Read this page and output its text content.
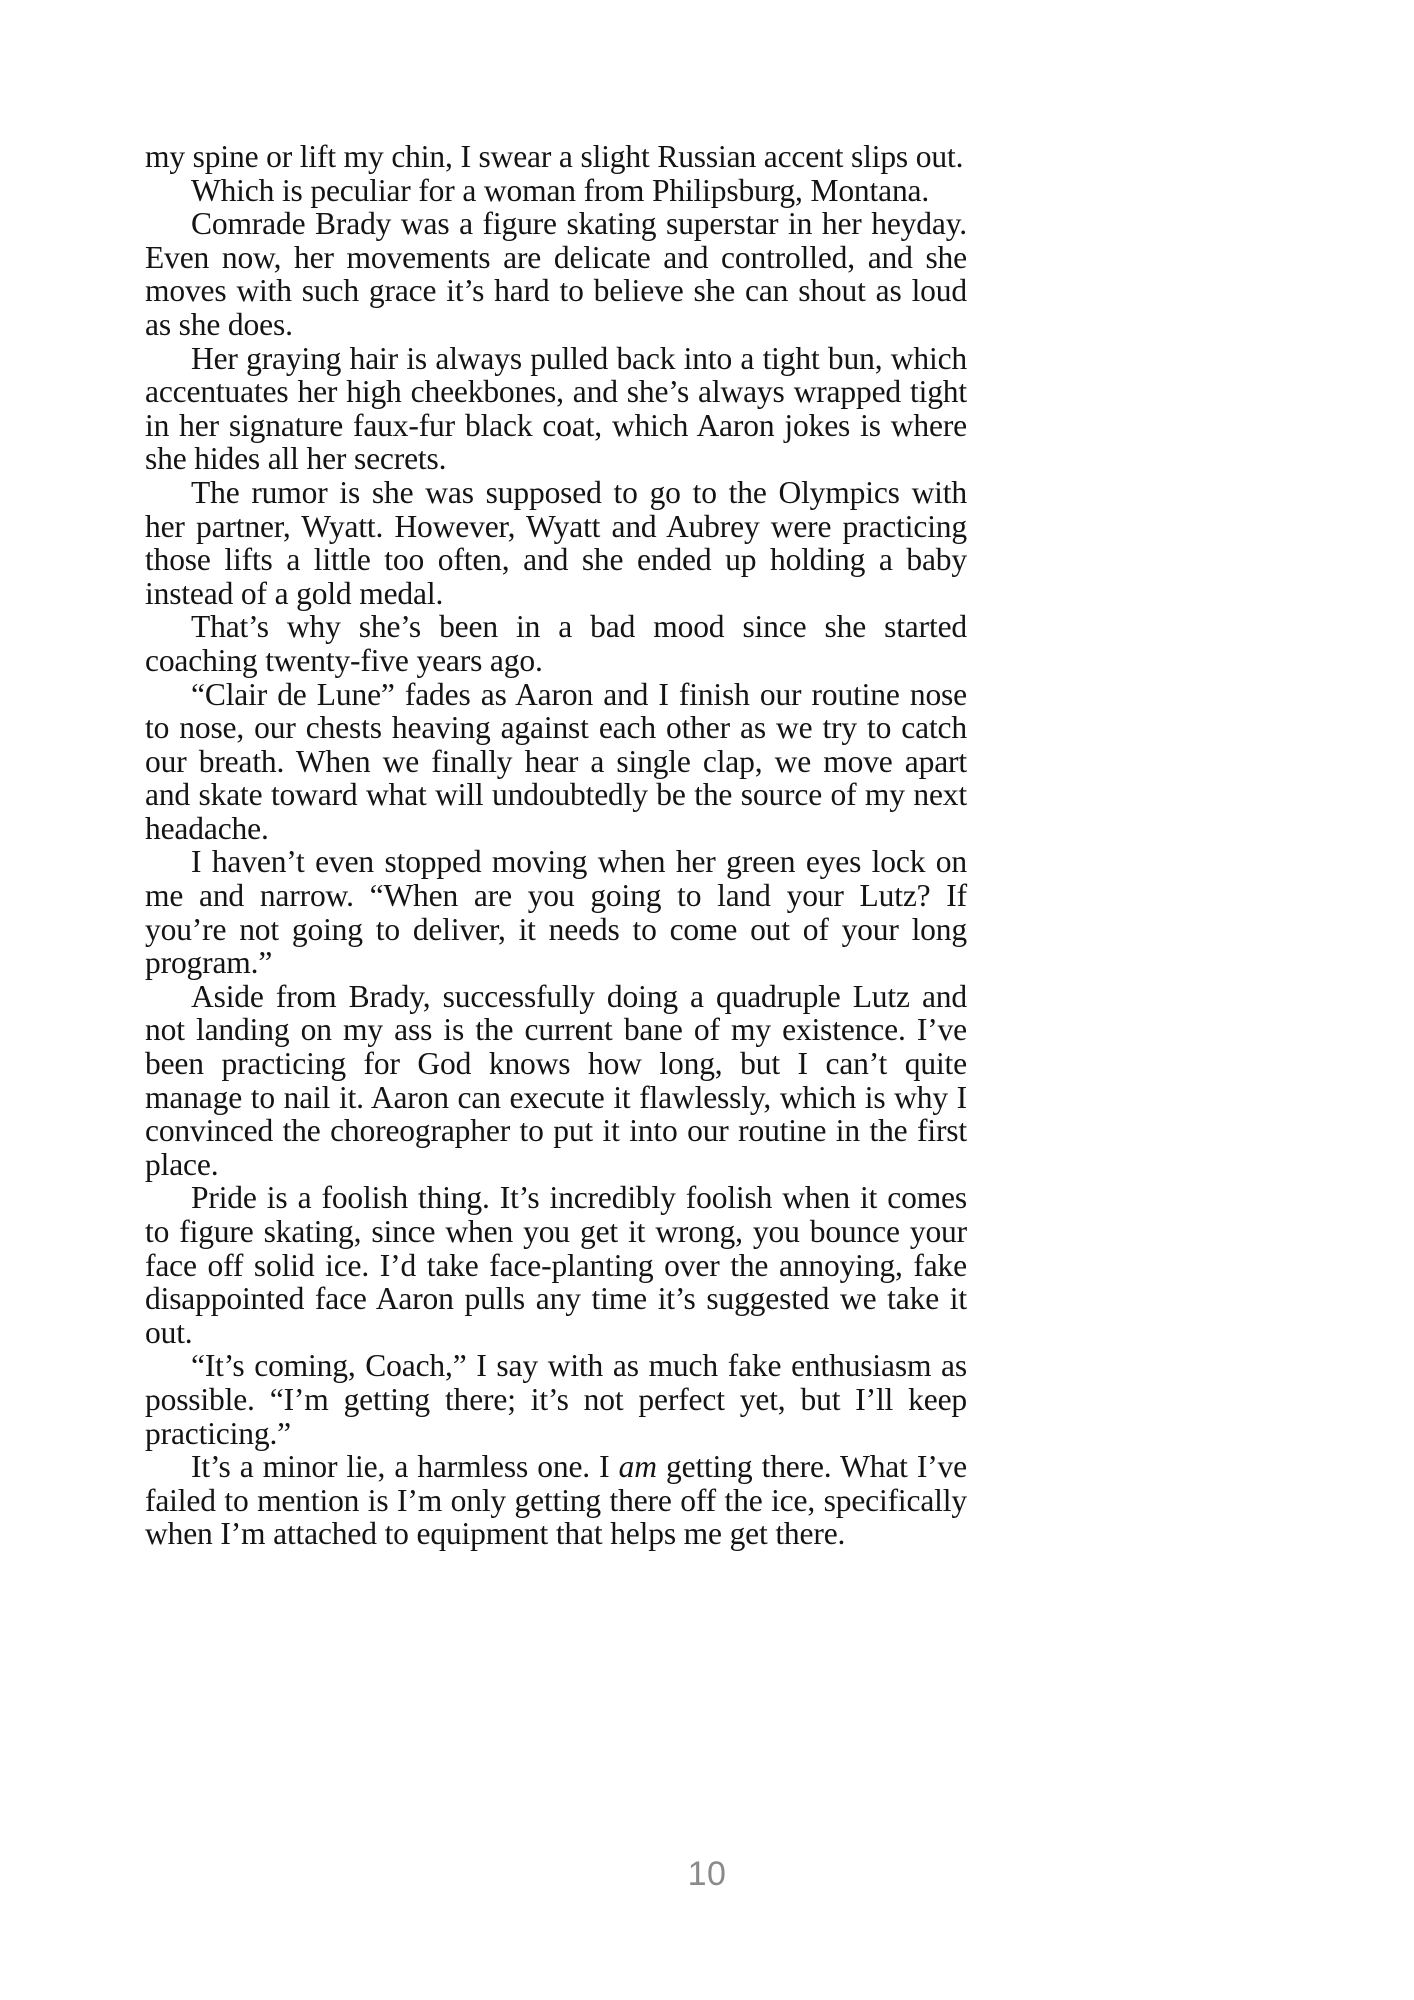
my spine or lift my chin, I swear a slight Russian accent slips out.

Which is peculiar for a woman from Philipsburg, Montana.

Comrade Brady was a figure skating superstar in her heyday. Even now, her movements are delicate and controlled, and she moves with such grace it’s hard to believe she can shout as loud as she does.

Her graying hair is always pulled back into a tight bun, which accentuates her high cheekbones, and she’s always wrapped tight in her signature faux-fur black coat, which Aaron jokes is where she hides all her secrets.

The rumor is she was supposed to go to the Olympics with her partner, Wyatt. However, Wyatt and Aubrey were practicing those lifts a little too often, and she ended up holding a baby instead of a gold medal.

That’s why she’s been in a bad mood since she started coaching twenty-five years ago.

“Clair de Lune” fades as Aaron and I finish our routine nose to nose, our chests heaving against each other as we try to catch our breath. When we finally hear a single clap, we move apart and skate toward what will undoubtedly be the source of my next headache.

I haven’t even stopped moving when her green eyes lock on me and narrow. “When are you going to land your Lutz? If you’re not going to deliver, it needs to come out of your long program.”

Aside from Brady, successfully doing a quadruple Lutz and not landing on my ass is the current bane of my existence. I’ve been practicing for God knows how long, but I can’t quite manage to nail it. Aaron can execute it flawlessly, which is why I convinced the choreographer to put it into our routine in the first place.

Pride is a foolish thing. It’s incredibly foolish when it comes to figure skating, since when you get it wrong, you bounce your face off solid ice. I’d take face-planting over the annoying, fake disappointed face Aaron pulls any time it’s suggested we take it out.

“It’s coming, Coach,” I say with as much fake enthusiasm as possible. “I’m getting there; it’s not perfect yet, but I’ll keep practicing.”

It’s a minor lie, a harmless one. I am getting there. What I’ve failed to mention is I’m only getting there off the ice, specifically when I’m attached to equipment that helps me get there.

10
